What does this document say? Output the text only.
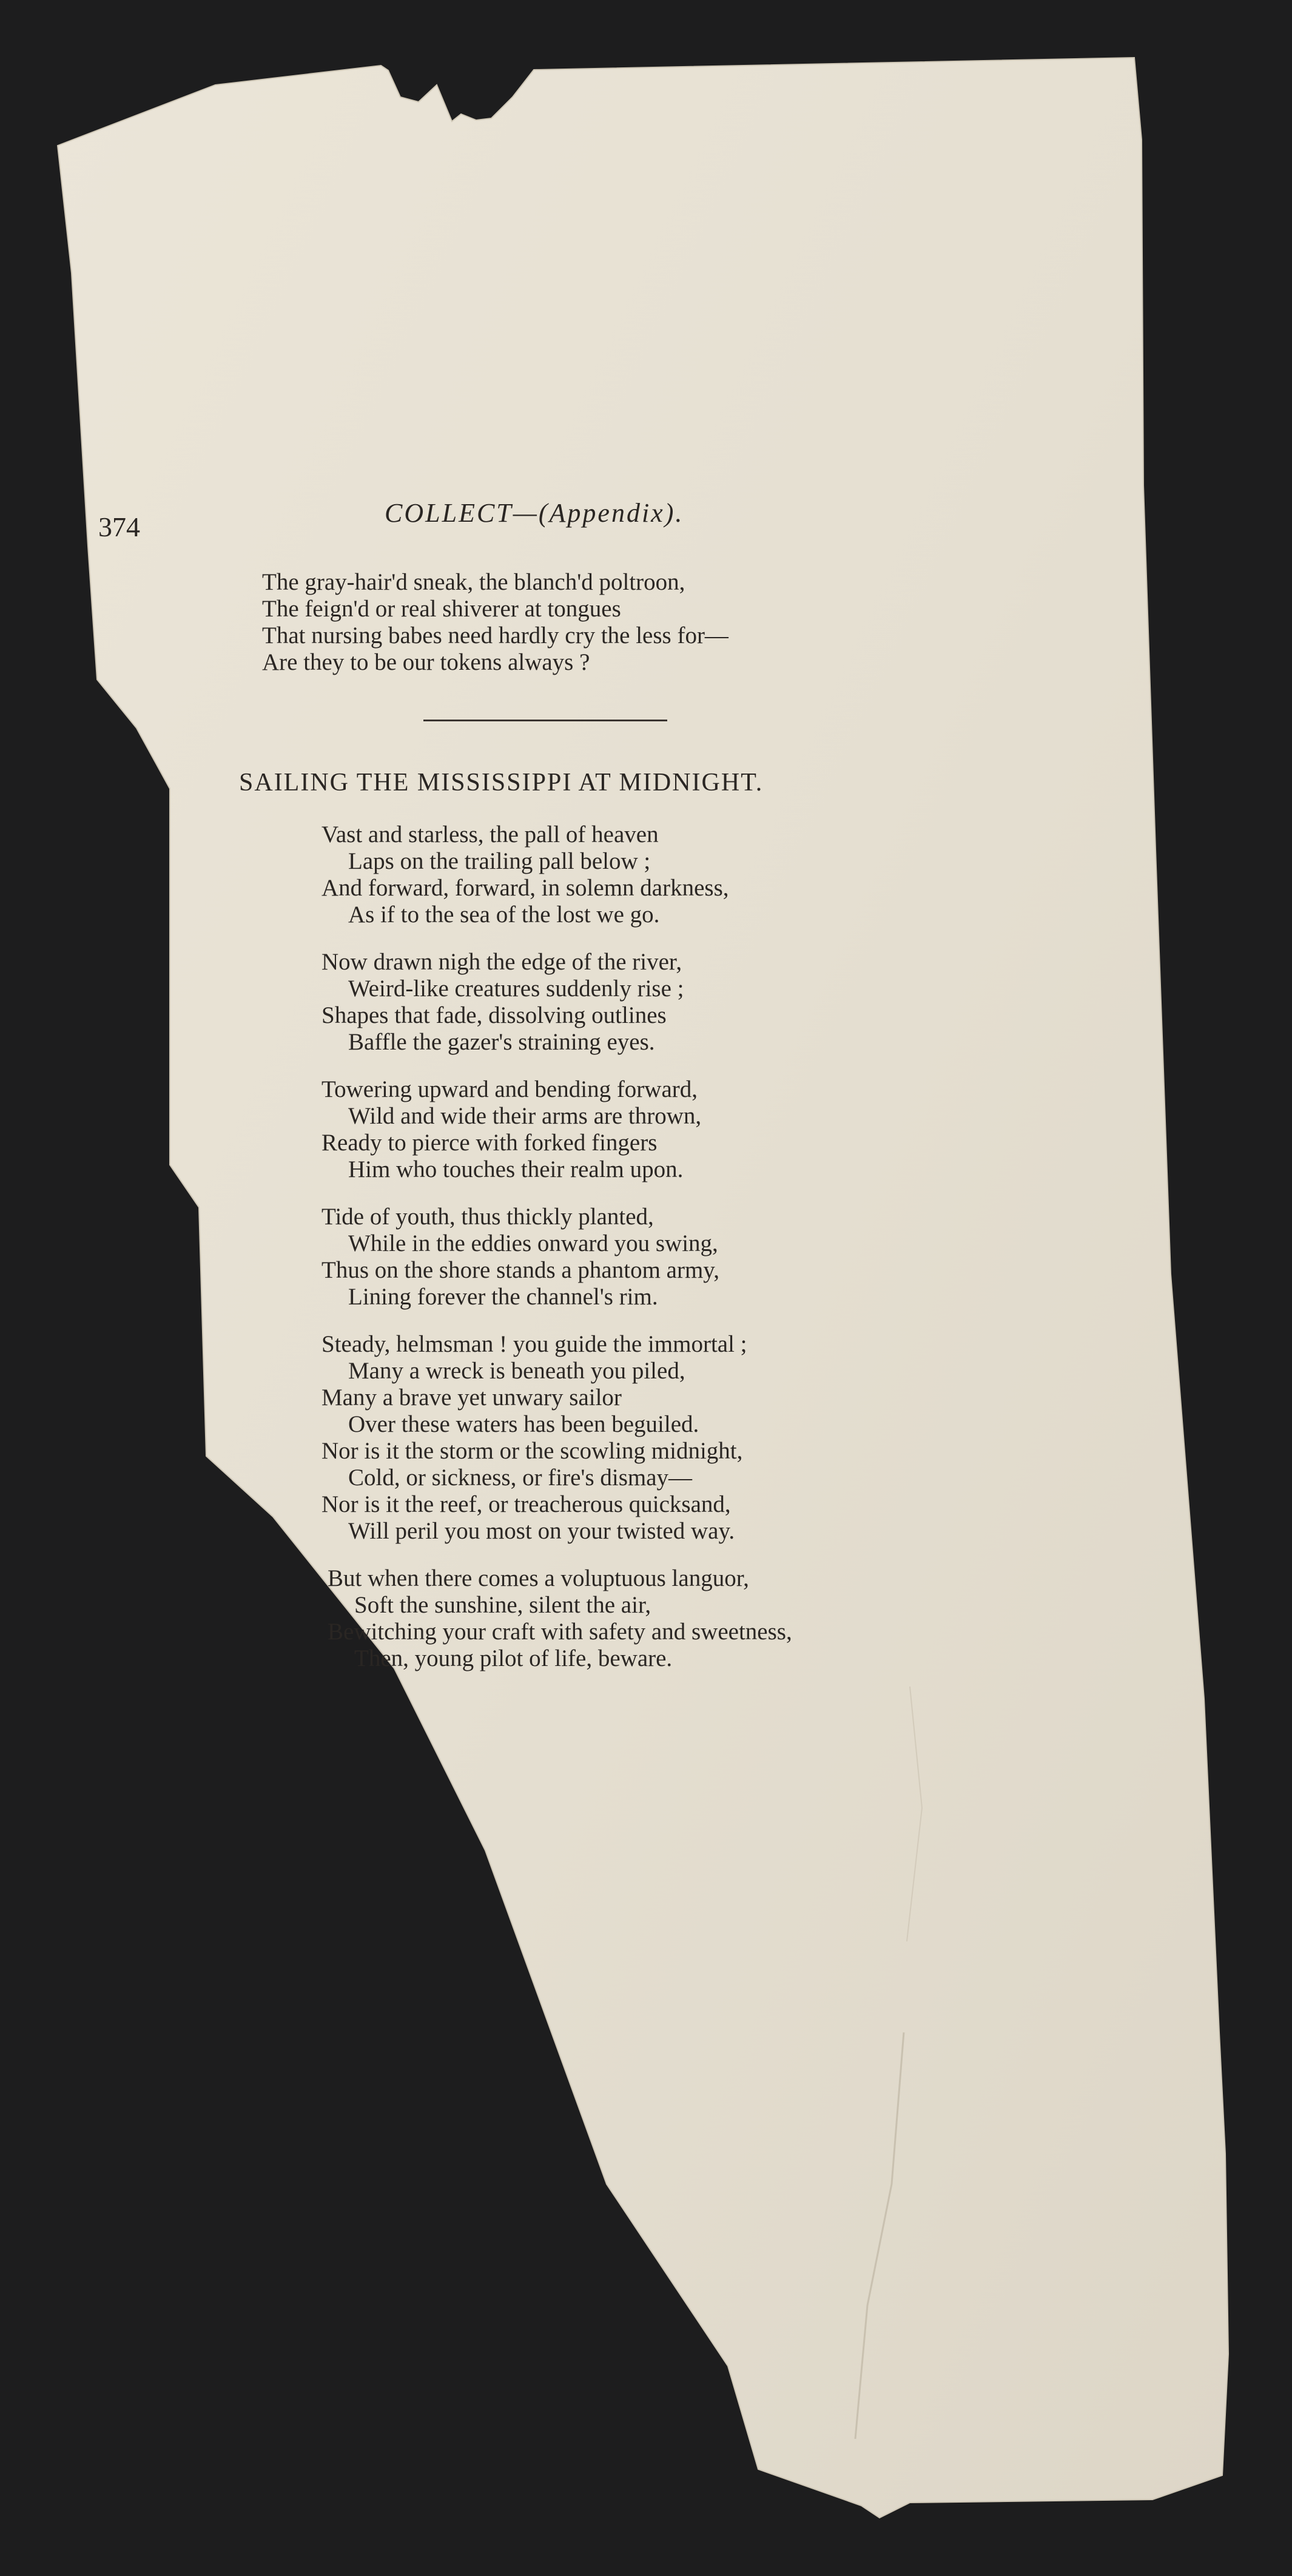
374	COLLECT—(Appendix).
The gray-hair'd sneak, the blanch'd poltroon,
The feign'd or real shiverer at tongues
That nursing babes need hardly cry the less for—
Are they to be our tokens always ?
SAILING THE MISSISSIPPI AT MIDNIGHT.
Vast and starless, the pall of heaven
Laps on the trailing pall below ;
And forward, forward, in solemn darkness,
As if to the sea of the lost we go.
Now drawn nigh the edge of the river,
Weird-like creatures suddenly rise ;
Shapes that fade, dissolving outlines
Baffle the gazer's straining eyes.
Towering upward and bending forward,
Wild and wide their arms are thrown,
Ready to pierce with forked fingers
Him who touches their realm upon.
Tide of youth, thus thickly planted,
While in the eddies onward you swing,
Thus on the shore stands a phantom army,
Lining forever the channel's rim.
Steady, helmsman ! you guide the immortal ;
Many a wreck is beneath you piled,
Many a brave yet unwary sailor
Over these waters has been beguiled.
Nor is it the storm or the scowling midnight,
Cold, or sickness, or fire's dismay—
Nor is it the reef, or treacherous quicksand,
Will peril you most on your twisted way.
But when there comes a voluptuous languor,
Soft the sunshine, silent the air,
Bewitching your craft with safety and sweetness,
Then, young pilot of life, beware.
